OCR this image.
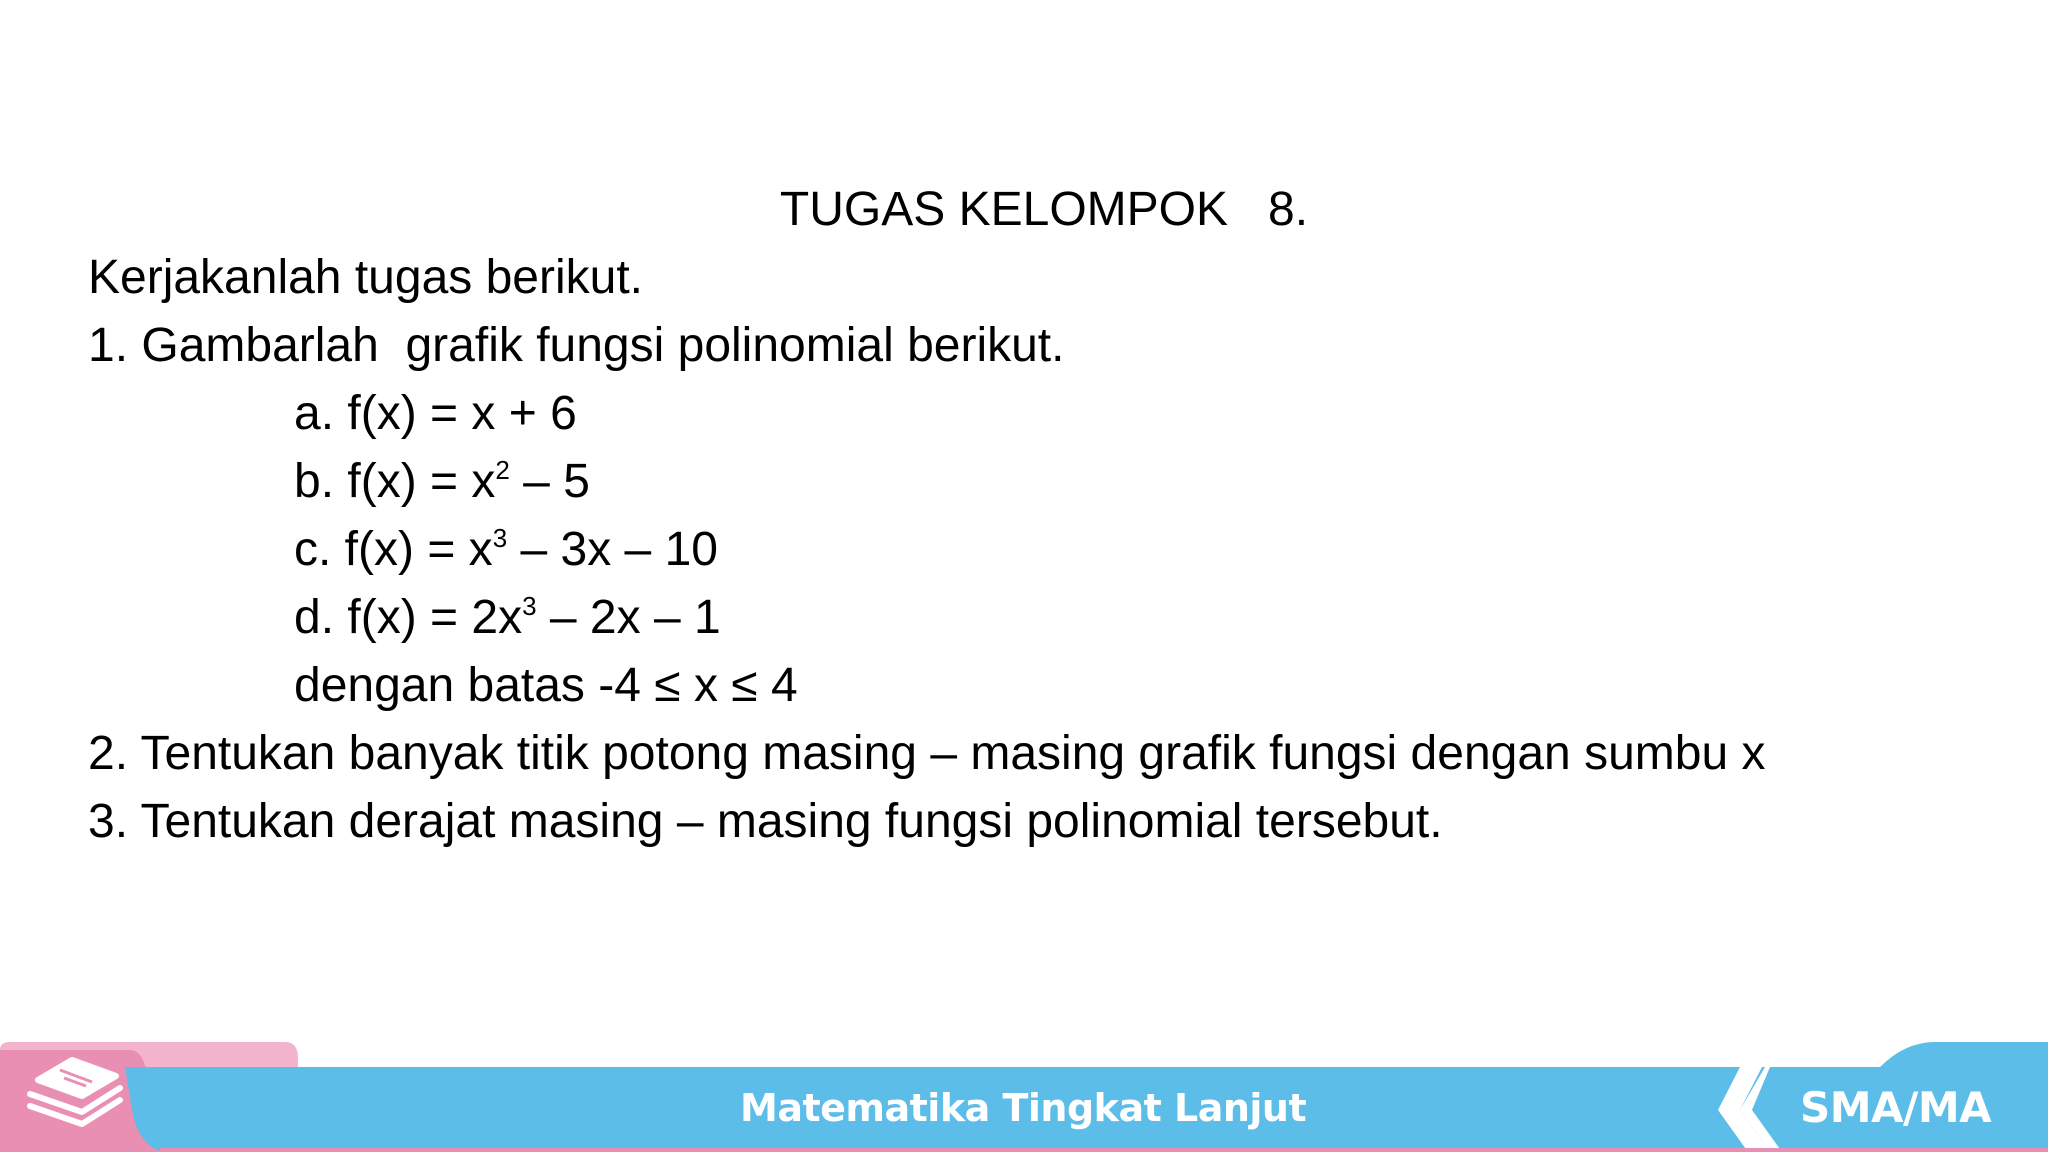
TUGAS KELOMPOK   8.
Kerjakanlah tugas berikut.
1. Gambarlah  grafik fungsi polinomial berikut.
a. f(x) = x + 6
b. $f(x) = x^2 - 5$
c. $f(x) = x^3 - 3x - 10$
d. $f(x) = 2x^3 - 2x - 1$
dengan batas -4 ≤ x ≤ 4
2. Tentukan banyak titik potong masing – masing grafik fungsi dengan sumbu x
3. Tentukan derajat masing – masing fungsi polinomial tersebut.
Matematika Tingkat Lanjut	SMA/MA
